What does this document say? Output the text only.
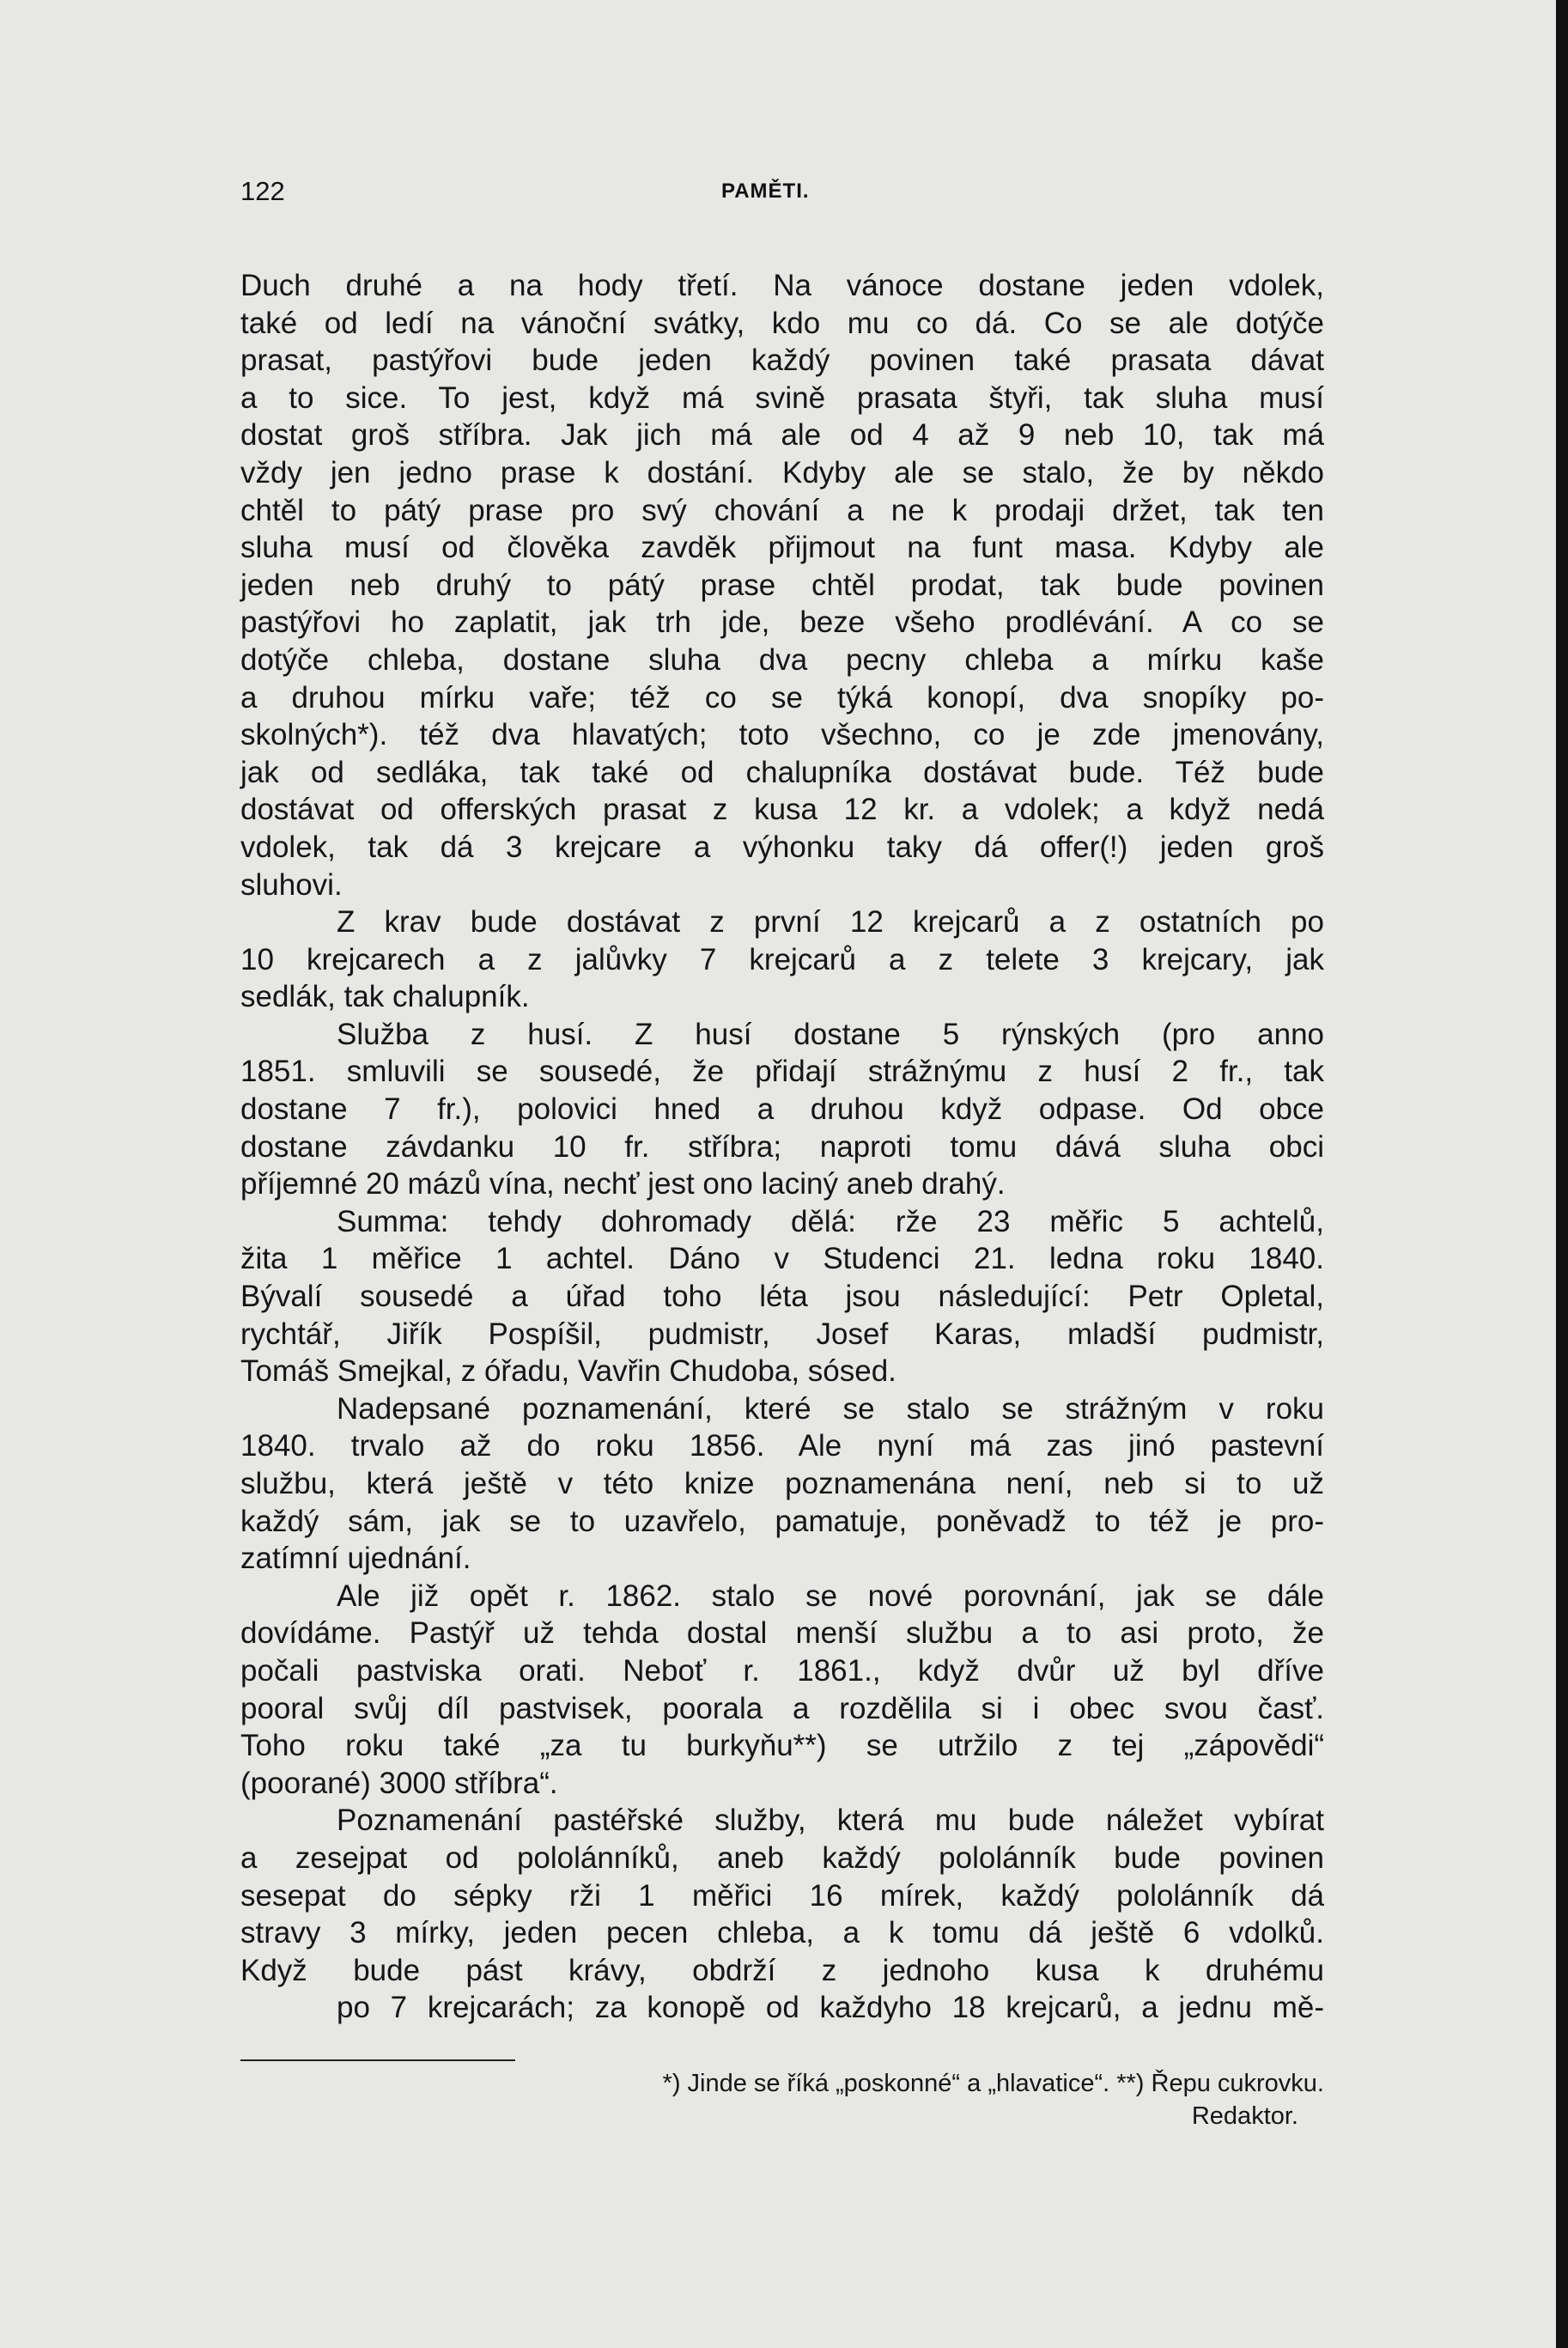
122	PAMĚTI.
Duch druhé a na hody třetí. Na vánoce dostane jeden vdolek,
také od ledí na vánoční svátky, kdo mu co dá. Co se ale dotýče
prasat, pastýřovi bude jeden každý povinen také prasata dávat
a to sice. To jest, když má svině prasata štyři, tak sluha musí
dostat groš stříbra. Jak jich má ale od 4 až 9 neb 10, tak má
vždy jen jedno prase k dostání. Kdyby ale se stalo, že by někdo
chtěl to pátý prase pro svý chování a ne k prodaji držet, tak ten
sluha musí od člověka zavděk přijmout na funt masa. Kdyby ale
jeden neb druhý to pátý prase chtěl prodat, tak bude povinen
pastýřovi ho zaplatit, jak trh jde, beze všeho prodlévání. A co se
dotýče chleba, dostane sluha dva pecny chleba a mírku kaše
a druhou mírku vaře; též co se týká konopí, dva snopíky po-
skolných*). též dva hlavatých; toto všechno, co je zde jmenovány,
jak od sedláka, tak také od chalupníka dostávat bude. Též bude
dostávat od offerských prasat z kusa 12 kr. a vdolek; a když nedá
vdolek, tak dá 3 krejcare a výhonku taky dá offer(!) jeden groš
sluhovi.
Z krav bude dostávat z první 12 krejcarů a z ostatních po
10 krejcarech a z jalůvky 7 krejcarů a z telete 3 krejcary, jak
sedlák, tak chalupník.
Služba z husí. Z husí dostane 5 rýnských (pro anno
1851. smluvili se sousedé, že přidají strážnýmu z husí 2 fr., tak
dostane 7 fr.), polovici hned a druhou když odpase. Od obce
dostane závdanku 10 fr. stříbra; naproti tomu dává sluha obci
příjemné 20 mázů vína, nechť jest ono laciný aneb drahý.
Summa: tehdy dohromady dělá: rže 23 měřic 5 achtelů,
žita 1 měřice 1 achtel. Dáno v Studenci 21. ledna roku 1840.
Bývalí sousedé a úřad toho léta jsou následující: Petr Opletal,
rychtář, Jiřík Pospíšil, pudmistr, Josef Karas, mladší pudmistr,
Tomáš Smejkal, z óřadu, Vavřin Chudoba, sósed.
Nadepsané poznamenání, které se stalo se strážným v roku
1840. trvalo až do roku 1856. Ale nyní má zas jinó pastevní
službu, která ještě v této knize poznamenána není, neb si to už
každý sám, jak se to uzavřelo, pamatuje, poněvadž to též je pro-
zatímní ujednání.
Ale již opět r. 1862. stalo se nové porovnání, jak se dále
dovídáme. Pastýř už tehda dostal menší službu a to asi proto, že
počali pastviska orati. Neboť r. 1861., když dvůr už byl dříve
pooral svůj díl pastvisek, poorala a rozdělila si i obec svou časť.
Toho roku také „za tu burkyňu**) se utržilo z tej „zápovědi“
(poorané) 3000 stříbra“.
Poznamenání pastéřské služby, která mu bude náležet vybírat
a zesejpat od pololánníků, aneb každý pololánník bude povinen
sesepat do sépky rži 1 měřici 16 mírek, každý pololánník dá
stravy 3 mírky, jeden pecen chleba, a k tomu dá ještě 6 vdolků.
Když bude pást krávy, obdrží z jednoho kusa k druhému
po 7 krejcarách; za konopě od každyho 18 krejcarů, a jednu mě-
*) Jinde se říká „poskonné“ a „hlavatice“. **) Řepu cukrovku.
Redaktor.
